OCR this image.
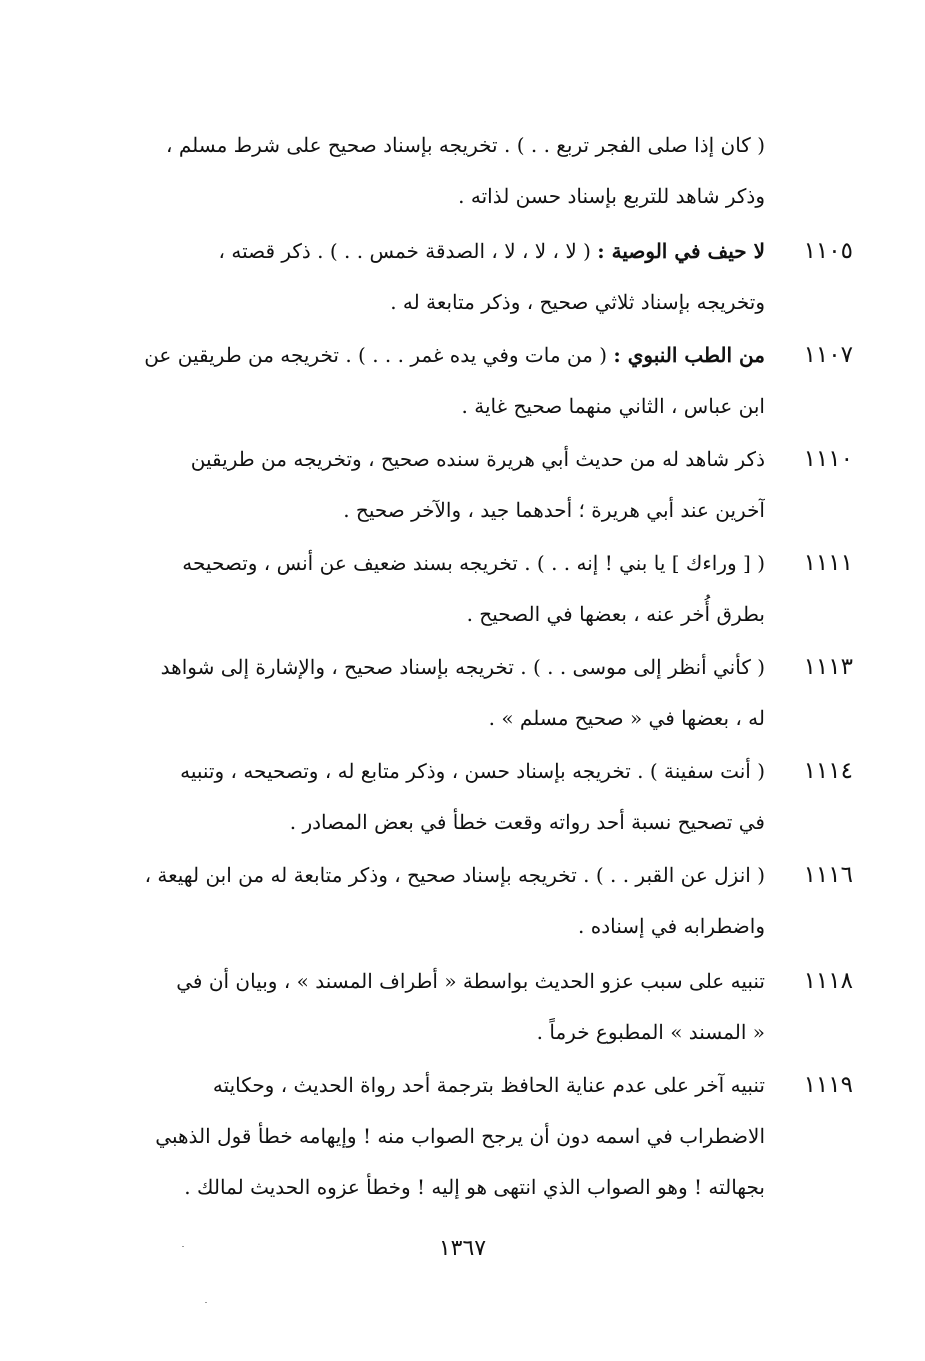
( كان إذا صلى الفجر تربع . . ) . تخريجه بإسناد صحيح على شرط مسلم ،
وذكر شاهد للتربع بإسناد حسن لذاته .
١١٠٥
لا حيف في الوصية : ( لا ، لا ، لا ، الصدقة خمس . . ) . ذكر قصته ،
وتخريجه بإسناد ثلاثي صحيح ، وذكر متابعة له .
١١٠٧
من الطب النبوي : ( من مات وفي يده غمر . . . ) . تخريجه من طريقين عن
ابن عباس ، الثاني منهما صحيح غاية .
١١١٠
ذكر شاهد له من حديث أبي هريرة سنده صحيح ، وتخريجه من طريقين
آخرين عند أبي هريرة ؛ أحدهما جيد ، والآخر صحيح .
١١١١
( [ وراءك ] يا بني ! إنه . . ) . تخريجه بسند ضعيف عن أنس ، وتصحيحه
بطرق أُخر عنه ، بعضها في الصحيح .
١١١٣
( كأني أنظر إلى موسى . . ) . تخريجه بإسناد صحيح ، والإشارة إلى شواهد
له ، بعضها في « صحيح مسلم » .
١١١٤
( أنت سفينة ) . تخريجه بإسناد حسن ، وذكر متابع له ، وتصحيحه ، وتنبيه
في تصحيح نسبة أحد رواته وقعت خطأ في بعض المصادر .
١١١٦
( انزل عن القبر . . ) . تخريجه بإسناد صحيح ، وذكر متابعة له من ابن لهيعة ،
واضطرابه في إسناده .
١١١٨
تنبيه على سبب عزو الحديث بواسطة « أطراف المسند » ، وبيان أن في
« المسند » المطبوع خرماً .
١١١٩
تنبيه آخر على عدم عناية الحافظ بترجمة أحد رواة الحديث ، وحكايته
الاضطراب في اسمه دون أن يرجح الصواب منه ! وإيهامه خطأ قول الذهبي
بجهالته ! وهو الصواب الذي انتهى هو إليه ! وخطأ عزوه الحديث لمالك .
١٣٦٧
